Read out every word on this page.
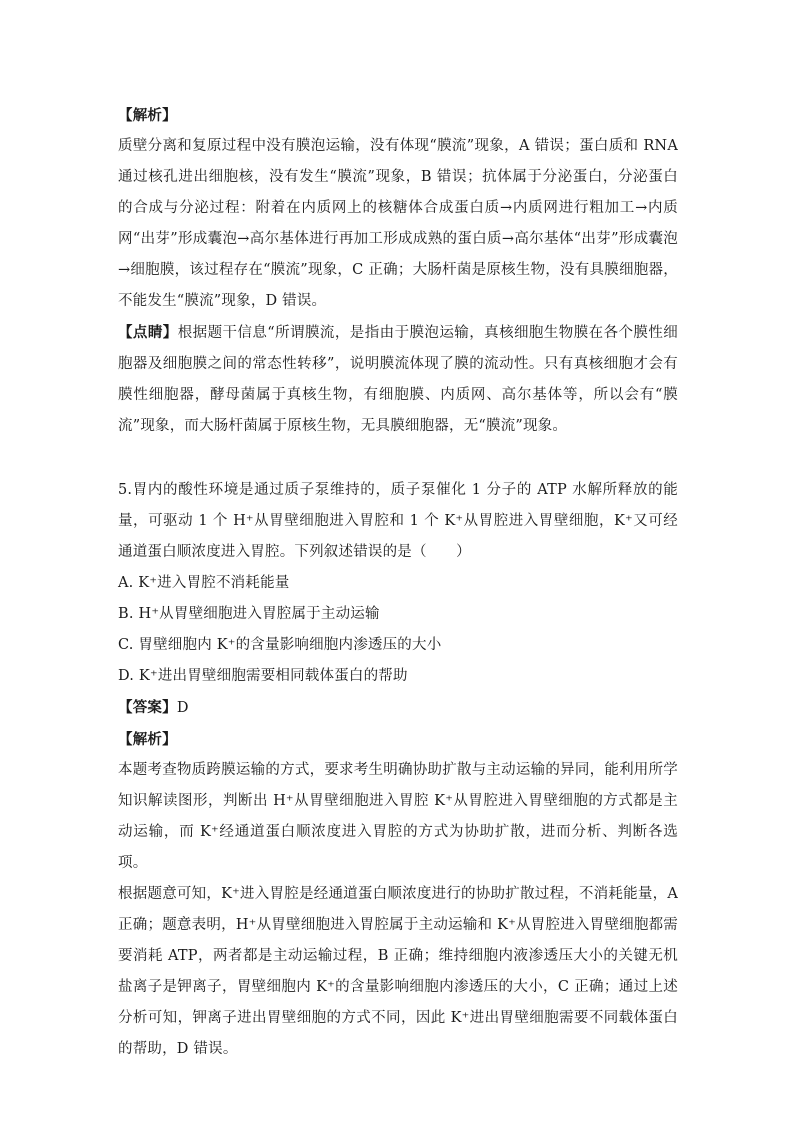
【解析】

质壁分离和复原过程中没有膜泡运输，没有体现“膜流”现象，A 错误；蛋白质和 RNA 通过核孔进出细胞核，没有发生“膜流”现象，B 错误；抗体属于分泌蛋白，分泌蛋白的合成与分泌过程：附着在内质网上的核糖体合成蛋白质→内质网进行粗加工→内质网“出芽”形成囊泡→高尔基体进行再加工形成成熟的蛋白质→高尔基体“出芽”形成囊泡→细胞膜，该过程存在“膜流”现象，C 正确；大肠杆菌是原核生物，没有具膜细胞器，不能发生“膜流”现象，D 错误。

【点睛】根据题干信息“所谓膜流，是指由于膜泡运输，真核细胞生物膜在各个膜性细胞器及细胞膜之间的常态性转移”，说明膜流体现了膜的流动性。只有真核细胞才会有膜性细胞器，酵母菌属于真核生物，有细胞膜、内质网、高尔基体等，所以会有“膜流”现象，而大肠杆菌属于原核生物，无具膜细胞器，无“膜流”现象。

5.胃内的酸性环境是通过质子泵维持的，质子泵催化 1 分子的 ATP 水解所释放的能量，可驱动 1 个 H⁺从胃壁细胞进入胃腔和 1 个 K⁺从胃腔进入胃壁细胞，K⁺又可经通道蛋白顺浓度进入胃腔。下列叙述错误的是（　　）

A. K⁺进入胃腔不消耗能量

B. H⁺从胃壁细胞进入胃腔属于主动运输

C. 胃壁细胞内 K⁺的含量影响细胞内渗透压的大小

D. K⁺进出胃壁细胞需要相同载体蛋白的帮助

【答案】D

【解析】

本题考查物质跨膜运输的方式，要求考生明确协助扩散与主动运输的异同，能利用所学知识解读图形，判断出 H⁺从胃壁细胞进入胃腔 K⁺从胃腔进入胃壁细胞的方式都是主动运输，而 K⁺经通道蛋白顺浓度进入胃腔的方式为协助扩散，进而分析、判断各选项。

根据题意可知，K⁺进入胃腔是经通道蛋白顺浓度进行的协助扩散过程，不消耗能量，A 正确；题意表明，H⁺从胃壁细胞进入胃腔属于主动运输和 K⁺从胃腔进入胃壁细胞都需要消耗 ATP，两者都是主动运输过程，B 正确；维持细胞内液渗透压大小的关键无机盐离子是钾离子，胃壁细胞内 K⁺的含量影响细胞内渗透压的大小，C 正确；通过上述分析可知，钾离子进出胃壁细胞的方式不同，因此 K⁺进出胃壁细胞需要不同载体蛋白的帮助，D 错误。
